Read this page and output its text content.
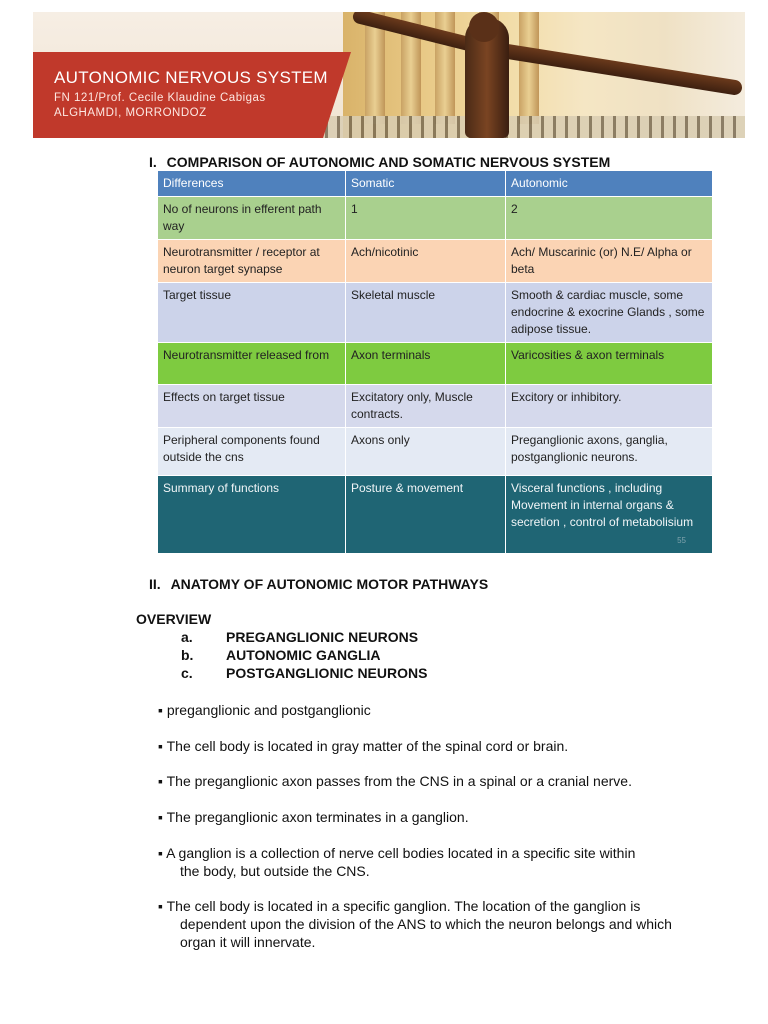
AUTONOMIC NERVOUS SYSTEM
FN 121/Prof. Cecile Klaudine Cabigas
ALGHAMDI, MORRONDOZ
I. COMPARISON OF AUTONOMIC AND SOMATIC NERVOUS SYSTEM
Differences	Somatic	Autonomic
No of neurons in efferent path way	1	2
Neurotransmitter / receptor at neuron target synapse	Ach/nicotinic	Ach/ Muscarinic (or) N.E/ Alpha or beta
Target tissue	Skeletal muscle	Smooth & cardiac muscle, some endocrine & exocrine Glands , some adipose tissue.
Neurotransmitter released from	Axon terminals	Varicosities & axon terminals
Effects on target tissue	Excitatory only, Muscle contracts.	Excitory or inhibitory.
Peripheral components found outside the cns	Axons only	Preganglionic axons, ganglia, postganglionic neurons.
Summary of functions	Posture & movement	Visceral functions , including Movement in internal organs & secretion , control of metabolisium
55
II. ANATOMY OF AUTONOMIC MOTOR PATHWAYS
OVERVIEW
a. PREGANGLIONIC NEURONS
b. AUTONOMIC GANGLIA
c. POSTGANGLIONIC NEURONS
▪ preganglionic and postganglionic
▪ The cell body is located in gray matter of the spinal cord or brain.
▪ The preganglionic axon passes from the CNS in a spinal or a cranial nerve.
▪ The preganglionic axon terminates in a ganglion.
▪ A ganglion is a collection of nerve cell bodies located in a specific site within
the body, but outside the CNS.
▪ The cell body is located in a specific ganglion. The location of the ganglion is
dependent upon the division of the ANS to which the neuron belongs and which organ it will innervate.
